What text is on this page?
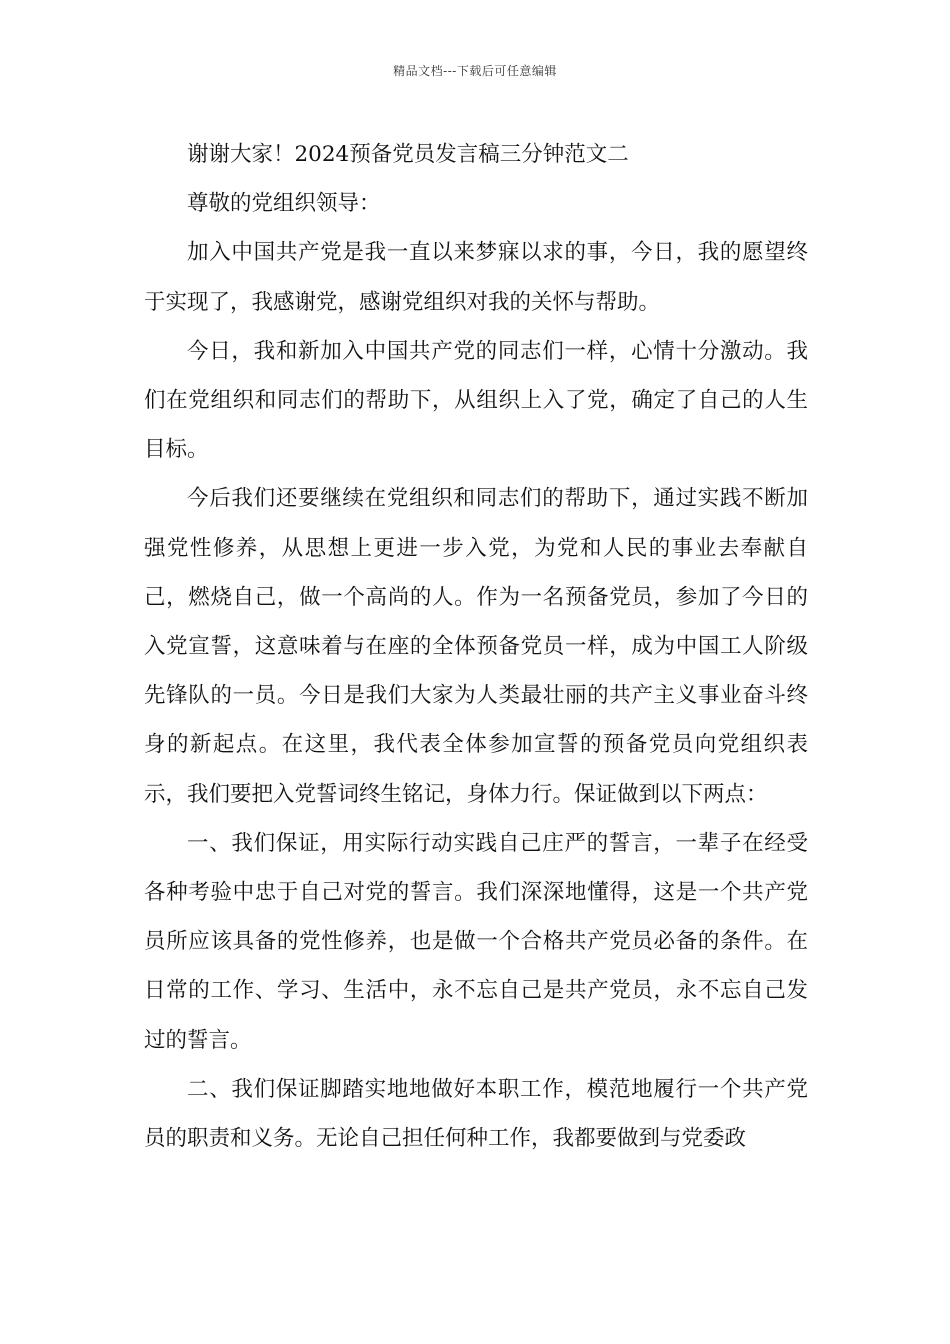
精品文档---下载后可任意编辑

谢谢大家！2024预备党员发言稿三分钟范文二

尊敬的党组织领导：

加入中国共产党是我一直以来梦寐以求的事，今日，我的愿望终于实现了，我感谢党，感谢党组织对我的关怀与帮助。

今日，我和新加入中国共产党的同志们一样，心情十分激动。我们在党组织和同志们的帮助下，从组织上入了党，确定了自己的人生目标。

今后我们还要继续在党组织和同志们的帮助下，通过实践不断加强党性修养，从思想上更进一步入党，为党和人民的事业去奉献自己，燃烧自己，做一个高尚的人。作为一名预备党员，参加了今日的入党宣誓，这意味着与在座的全体预备党员一样，成为中国工人阶级先锋队的一员。今日是我们大家为人类最壮丽的共产主义事业奋斗终身的新起点。在这里，我代表全体参加宣誓的预备党员向党组织表示，我们要把入党誓词终生铭记，身体力行。保证做到以下两点：

一、我们保证，用实际行动实践自己庄严的誓言，一辈子在经受各种考验中忠于自己对党的誓言。我们深深地懂得，这是一个共产党员所应该具备的党性修养，也是做一个合格共产党员必备的条件。在日常的工作、学习、生活中，永不忘自己是共产党员，永不忘自己发过的誓言。

二、我们保证脚踏实地地做好本职工作，模范地履行一个共产党员的职责和义务。无论自己担任何种工作，我都要做到与党委政
